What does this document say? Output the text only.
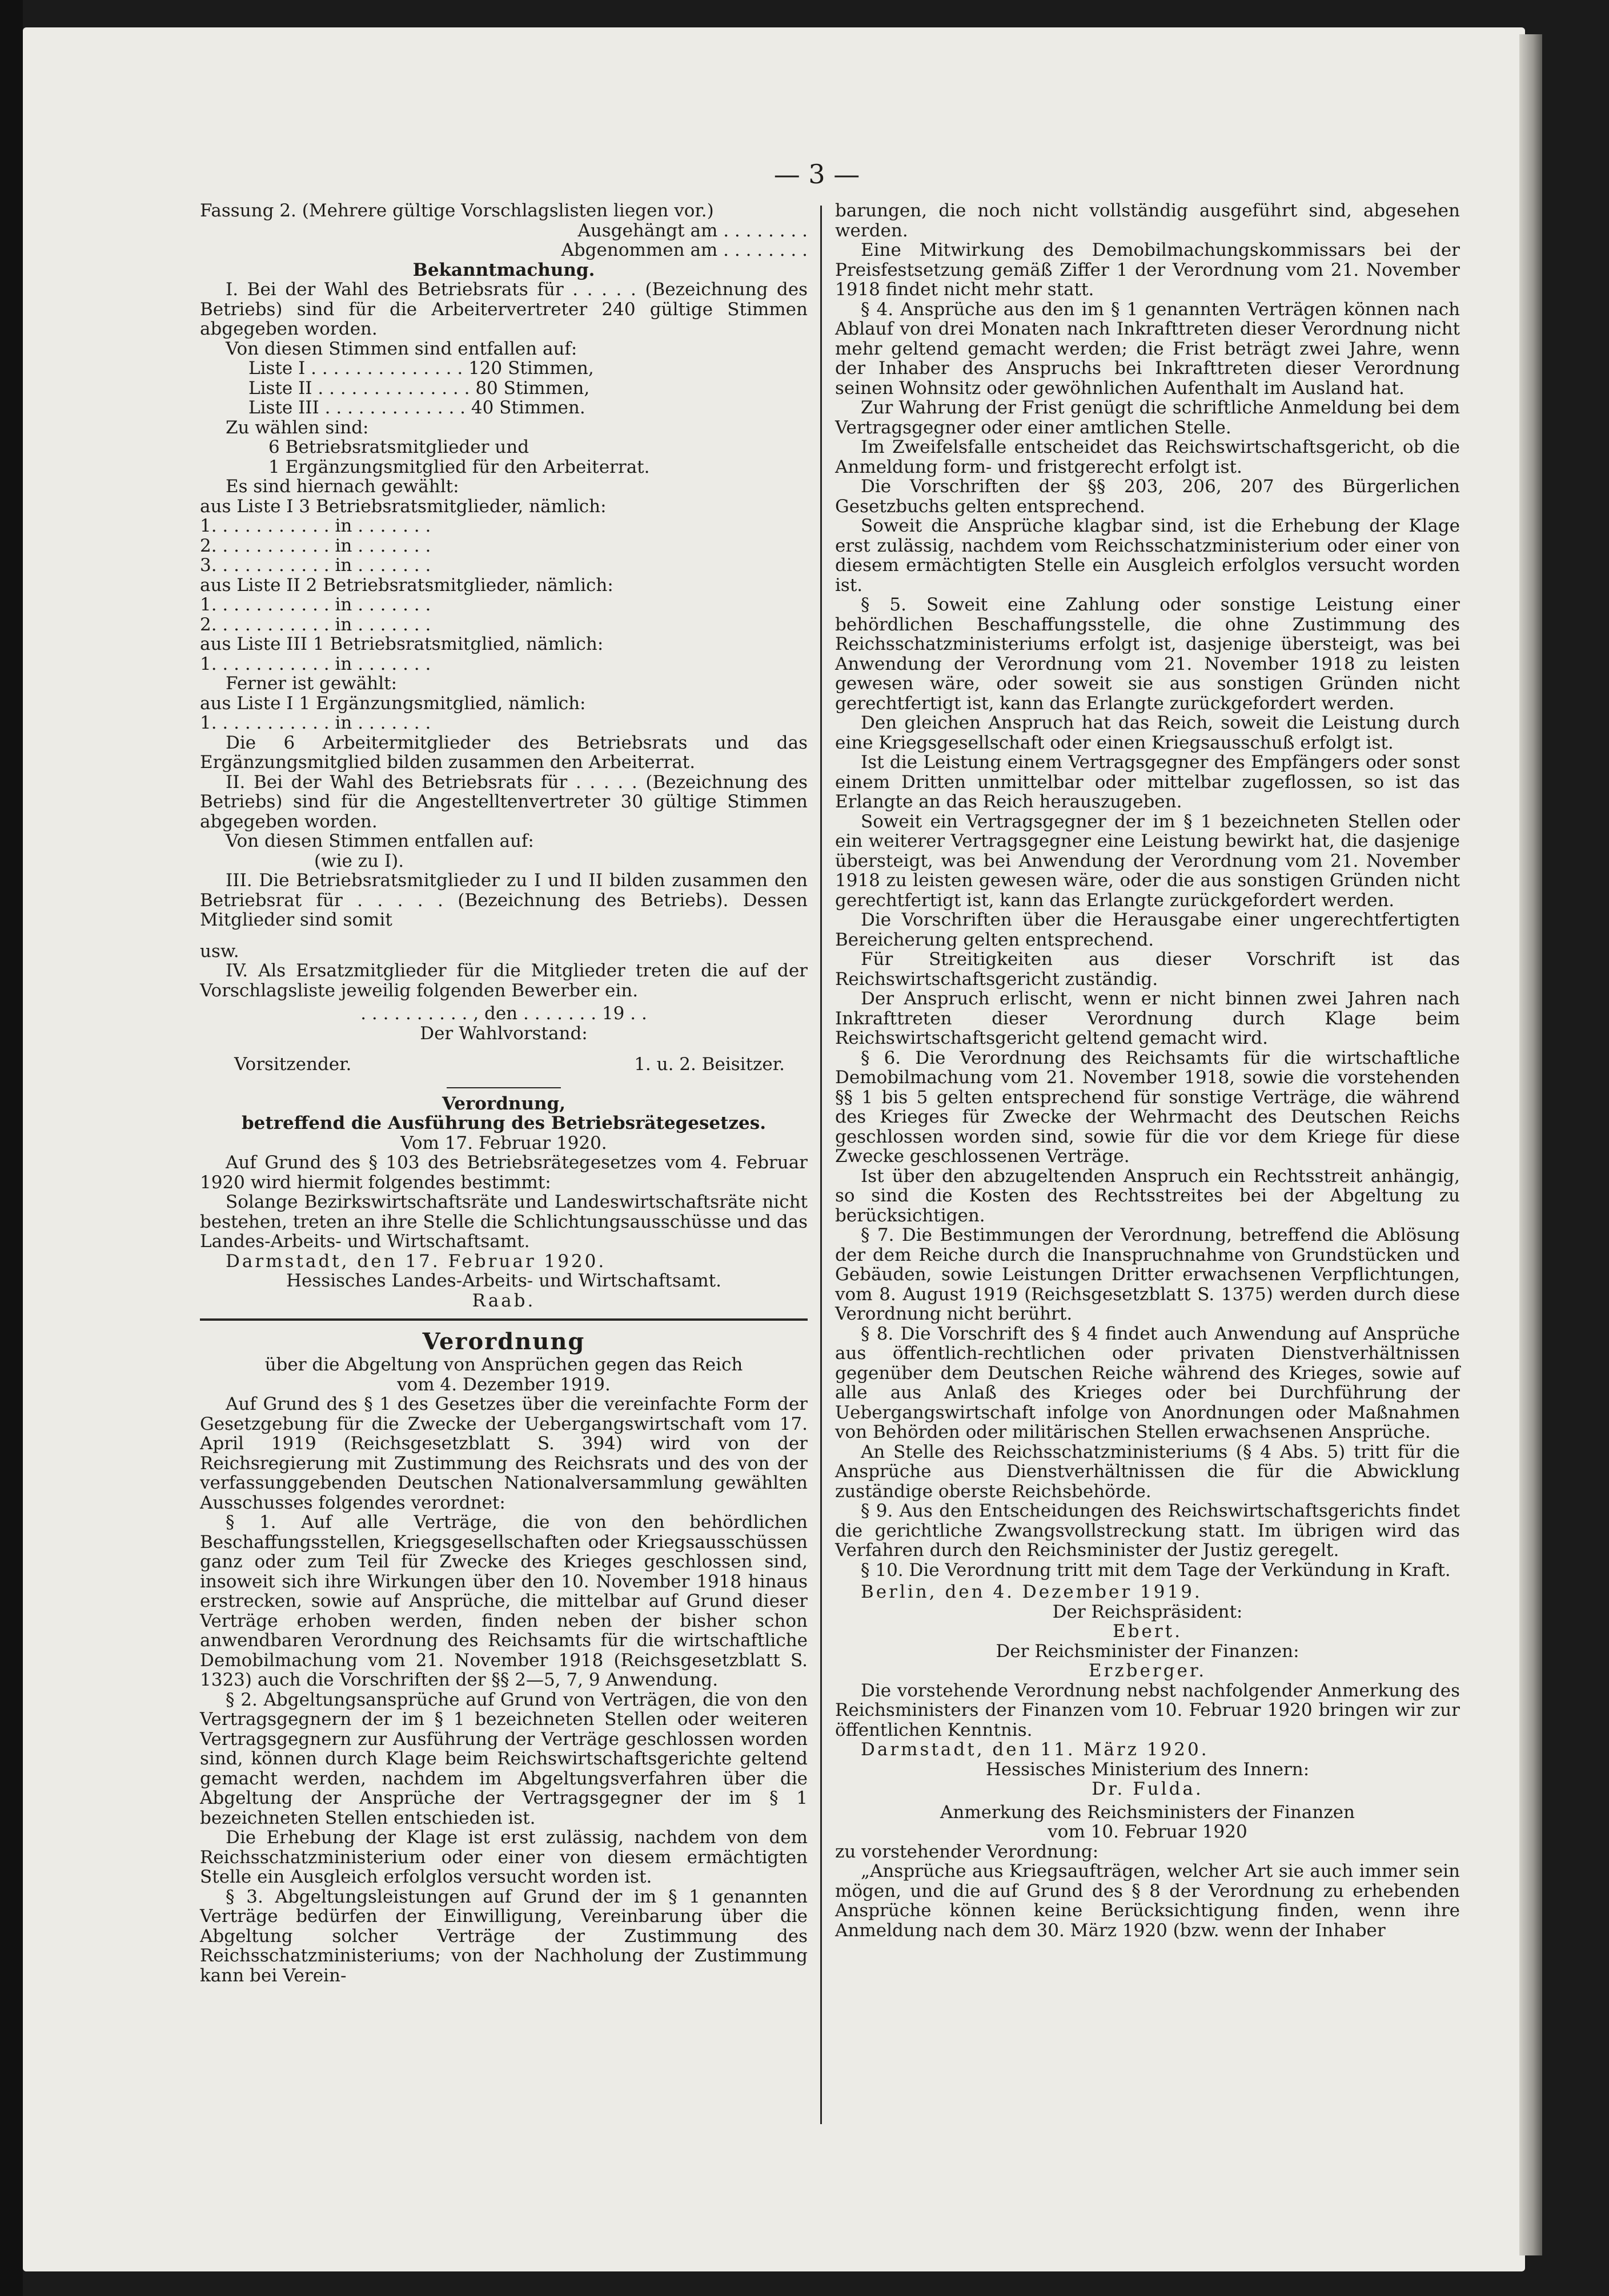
— 3 —

Fassung 2. (Mehrere gültige Vorschlagslisten liegen vor.)

Ausgehängt am . . . . . . . .

Abgenommen am . . . . . . . .

Bekanntmachung.

I. Bei der Wahl des Betriebsrats für . . . . . (Bezeichnung des Betriebs) sind für die Arbeitervertreter 240 gültige Stimmen abgegeben worden.

Von diesen Stimmen sind entfallen auf:

Liste I . . . . . . . . . . . . . . 120 Stimmen,

Liste II . . . . . . . . . . . . . . 80 Stimmen,

Liste III . . . . . . . . . . . . . 40 Stimmen.

Zu wählen sind:

6 Betriebsratsmitglieder und

1 Ergänzungsmitglied für den Arbeiterrat.

Es sind hiernach gewählt:

aus Liste I 3 Betriebsratsmitglieder, nämlich:

1. . . . . . . . . . . in . . . . . . .

2. . . . . . . . . . . in . . . . . . .

3. . . . . . . . . . . in . . . . . . .

aus Liste II 2 Betriebsratsmitglieder, nämlich:

1. . . . . . . . . . . in . . . . . . .

2. . . . . . . . . . . in . . . . . . .

aus Liste III 1 Betriebsratsmitglied, nämlich:

1. . . . . . . . . . . in . . . . . . .

Ferner ist gewählt:

aus Liste I 1 Ergänzungsmitglied, nämlich:

1. . . . . . . . . . . in . . . . . . .

Die 6 Arbeitermitglieder des Betriebsrats und das Ergänzungsmitglied bilden zusammen den Arbeiterrat.

II. Bei der Wahl des Betriebsrats für . . . . . (Bezeichnung des Betriebs) sind für die Angestelltenvertreter 30 gültige Stimmen abgegeben worden.

Von diesen Stimmen entfallen auf:

(wie zu I).

III. Die Betriebsratsmitglieder zu I und II bilden zusammen den Betriebsrat für . . . . . (Bezeichnung des Betriebs). Dessen Mitglieder sind somit

usw.

IV. Als Ersatzmitglieder für die Mitglieder treten die auf der Vorschlagsliste jeweilig folgenden Bewerber ein.

. . . . . . . . . . , den . . . . . . . 19 . .

Der Wahlvorstand:

Vorsitzender.	1. u. 2. Beisitzer.

Verordnung,

betreffend die Ausführung des Betriebsrätegesetzes.

Vom 17. Februar 1920.

Auf Grund des § 103 des Betriebsrätegesetzes vom 4. Februar 1920 wird hiermit folgendes bestimmt:

Solange Bezirkswirtschaftsräte und Landeswirtschaftsräte nicht bestehen, treten an ihre Stelle die Schlichtungsausschüsse und das Landes-Arbeits- und Wirtschaftsamt.

Darmstadt, den 17. Februar 1920.

Hessisches Landes-Arbeits- und Wirtschaftsamt.

Raab.

Verordnung

über die Abgeltung von Ansprüchen gegen das Reich

vom 4. Dezember 1919.

Auf Grund des § 1 des Gesetzes über die vereinfachte Form der Gesetzgebung für die Zwecke der Uebergangswirtschaft vom 17. April 1919 (Reichsgesetzblatt S. 394) wird von der Reichsregierung mit Zustimmung des Reichsrats und des von der verfassunggebenden Deutschen Nationalversammlung gewählten Ausschusses folgendes verordnet:

§ 1. Auf alle Verträge, die von den behördlichen Beschaffungsstellen, Kriegsgesellschaften oder Kriegsausschüssen ganz oder zum Teil für Zwecke des Krieges geschlossen sind, insoweit sich ihre Wirkungen über den 10. November 1918 hinaus erstrecken, sowie auf Ansprüche, die mittelbar auf Grund dieser Verträge erhoben werden, finden neben der bisher schon anwendbaren Verordnung des Reichsamts für die wirtschaftliche Demobilmachung vom 21. November 1918 (Reichsgesetzblatt S. 1323) auch die Vorschriften der §§ 2—5, 7, 9 Anwendung.

§ 2. Abgeltungsansprüche auf Grund von Verträgen, die von den Vertragsgegnern der im § 1 bezeichneten Stellen oder weiteren Vertragsgegnern zur Ausführung der Verträge geschlossen worden sind, können durch Klage beim Reichswirtschaftsgerichte geltend gemacht werden, nachdem im Abgeltungsverfahren über die Abgeltung der Ansprüche der Vertragsgegner der im § 1 bezeichneten Stellen entschieden ist.

Die Erhebung der Klage ist erst zulässig, nachdem von dem Reichsschatzministerium oder einer von diesem ermächtigten Stelle ein Ausgleich erfolglos versucht worden ist.

§ 3. Abgeltungsleistungen auf Grund der im § 1 genannten Verträge bedürfen der Einwilligung, Vereinbarung über die Abgeltung solcher Verträge der Zustimmung des Reichsschatzministeriums; von der Nachholung der Zustimmung kann bei Verein-

barungen, die noch nicht vollständig ausgeführt sind, abgesehen werden.

Eine Mitwirkung des Demobilmachungskommissars bei der Preisfestsetzung gemäß Ziffer 1 der Verordnung vom 21. November 1918 findet nicht mehr statt.

§ 4. Ansprüche aus den im § 1 genannten Verträgen können nach Ablauf von drei Monaten nach Inkrafttreten dieser Verordnung nicht mehr geltend gemacht werden; die Frist beträgt zwei Jahre, wenn der Inhaber des Anspruchs bei Inkrafttreten dieser Verordnung seinen Wohnsitz oder gewöhnlichen Aufenthalt im Ausland hat.

Zur Wahrung der Frist genügt die schriftliche Anmeldung bei dem Vertragsgegner oder einer amtlichen Stelle.

Im Zweifelsfalle entscheidet das Reichswirtschaftsgericht, ob die Anmeldung form- und fristgerecht erfolgt ist.

Die Vorschriften der §§ 203, 206, 207 des Bürgerlichen Gesetzbuchs gelten entsprechend.

Soweit die Ansprüche klagbar sind, ist die Erhebung der Klage erst zulässig, nachdem vom Reichsschatzministerium oder einer von diesem ermächtigten Stelle ein Ausgleich erfolglos versucht worden ist.

§ 5. Soweit eine Zahlung oder sonstige Leistung einer behördlichen Beschaffungsstelle, die ohne Zustimmung des Reichsschatzministeriums erfolgt ist, dasjenige übersteigt, was bei Anwendung der Verordnung vom 21. November 1918 zu leisten gewesen wäre, oder soweit sie aus sonstigen Gründen nicht gerechtfertigt ist, kann das Erlangte zurückgefordert werden.

Den gleichen Anspruch hat das Reich, soweit die Leistung durch eine Kriegsgesellschaft oder einen Kriegsausschuß erfolgt ist.

Ist die Leistung einem Vertragsgegner des Empfängers oder sonst einem Dritten unmittelbar oder mittelbar zugeflossen, so ist das Erlangte an das Reich herauszugeben.

Soweit ein Vertragsgegner der im § 1 bezeichneten Stellen oder ein weiterer Vertragsgegner eine Leistung bewirkt hat, die dasjenige übersteigt, was bei Anwendung der Verordnung vom 21. November 1918 zu leisten gewesen wäre, oder die aus sonstigen Gründen nicht gerechtfertigt ist, kann das Erlangte zurückgefordert werden.

Die Vorschriften über die Herausgabe einer ungerechtfertigten Bereicherung gelten entsprechend.

Für Streitigkeiten aus dieser Vorschrift ist das Reichswirtschaftsgericht zuständig.

Der Anspruch erlischt, wenn er nicht binnen zwei Jahren nach Inkrafttreten dieser Verordnung durch Klage beim Reichswirtschaftsgericht geltend gemacht wird.

§ 6. Die Verordnung des Reichsamts für die wirtschaftliche Demobilmachung vom 21. November 1918, sowie die vorstehenden §§ 1 bis 5 gelten entsprechend für sonstige Verträge, die während des Krieges für Zwecke der Wehrmacht des Deutschen Reichs geschlossen worden sind, sowie für die vor dem Kriege für diese Zwecke geschlossenen Verträge.

Ist über den abzugeltenden Anspruch ein Rechtsstreit anhängig, so sind die Kosten des Rechtsstreites bei der Abgeltung zu berücksichtigen.

§ 7. Die Bestimmungen der Verordnung, betreffend die Ablösung der dem Reiche durch die Inanspruchnahme von Grundstücken und Gebäuden, sowie Leistungen Dritter erwachsenen Verpflichtungen, vom 8. August 1919 (Reichsgesetzblatt S. 1375) werden durch diese Verordnung nicht berührt.

§ 8. Die Vorschrift des § 4 findet auch Anwendung auf Ansprüche aus öffentlich-rechtlichen oder privaten Dienstverhältnissen gegenüber dem Deutschen Reiche während des Krieges, sowie auf alle aus Anlaß des Krieges oder bei Durchführung der Uebergangswirtschaft infolge von Anordnungen oder Maßnahmen von Behörden oder militärischen Stellen erwachsenen Ansprüche.

An Stelle des Reichsschatzministeriums (§ 4 Abs. 5) tritt für die Ansprüche aus Dienstverhältnissen die für die Abwicklung zuständige oberste Reichsbehörde.

§ 9. Aus den Entscheidungen des Reichswirtschaftsgerichts findet die gerichtliche Zwangsvollstreckung statt. Im übrigen wird das Verfahren durch den Reichsminister der Justiz geregelt.

§ 10. Die Verordnung tritt mit dem Tage der Verkündung in Kraft.

Berlin, den 4. Dezember 1919.

Der Reichspräsident:

Ebert.

Der Reichsminister der Finanzen:

Erzberger.

Die vorstehende Verordnung nebst nachfolgender Anmerkung des Reichsministers der Finanzen vom 10. Februar 1920 bringen wir zur öffentlichen Kenntnis.

Darmstadt, den 11. März 1920.

Hessisches Ministerium des Innern:

Dr. Fulda.

Anmerkung des Reichsministers der Finanzen

vom 10. Februar 1920

zu vorstehender Verordnung:

„Ansprüche aus Kriegsaufträgen, welcher Art sie auch immer sein mögen, und die auf Grund des § 8 der Verordnung zu erhebenden Ansprüche können keine Berücksichtigung finden, wenn ihre Anmeldung nach dem 30. März 1920 (bzw. wenn der Inhaber
